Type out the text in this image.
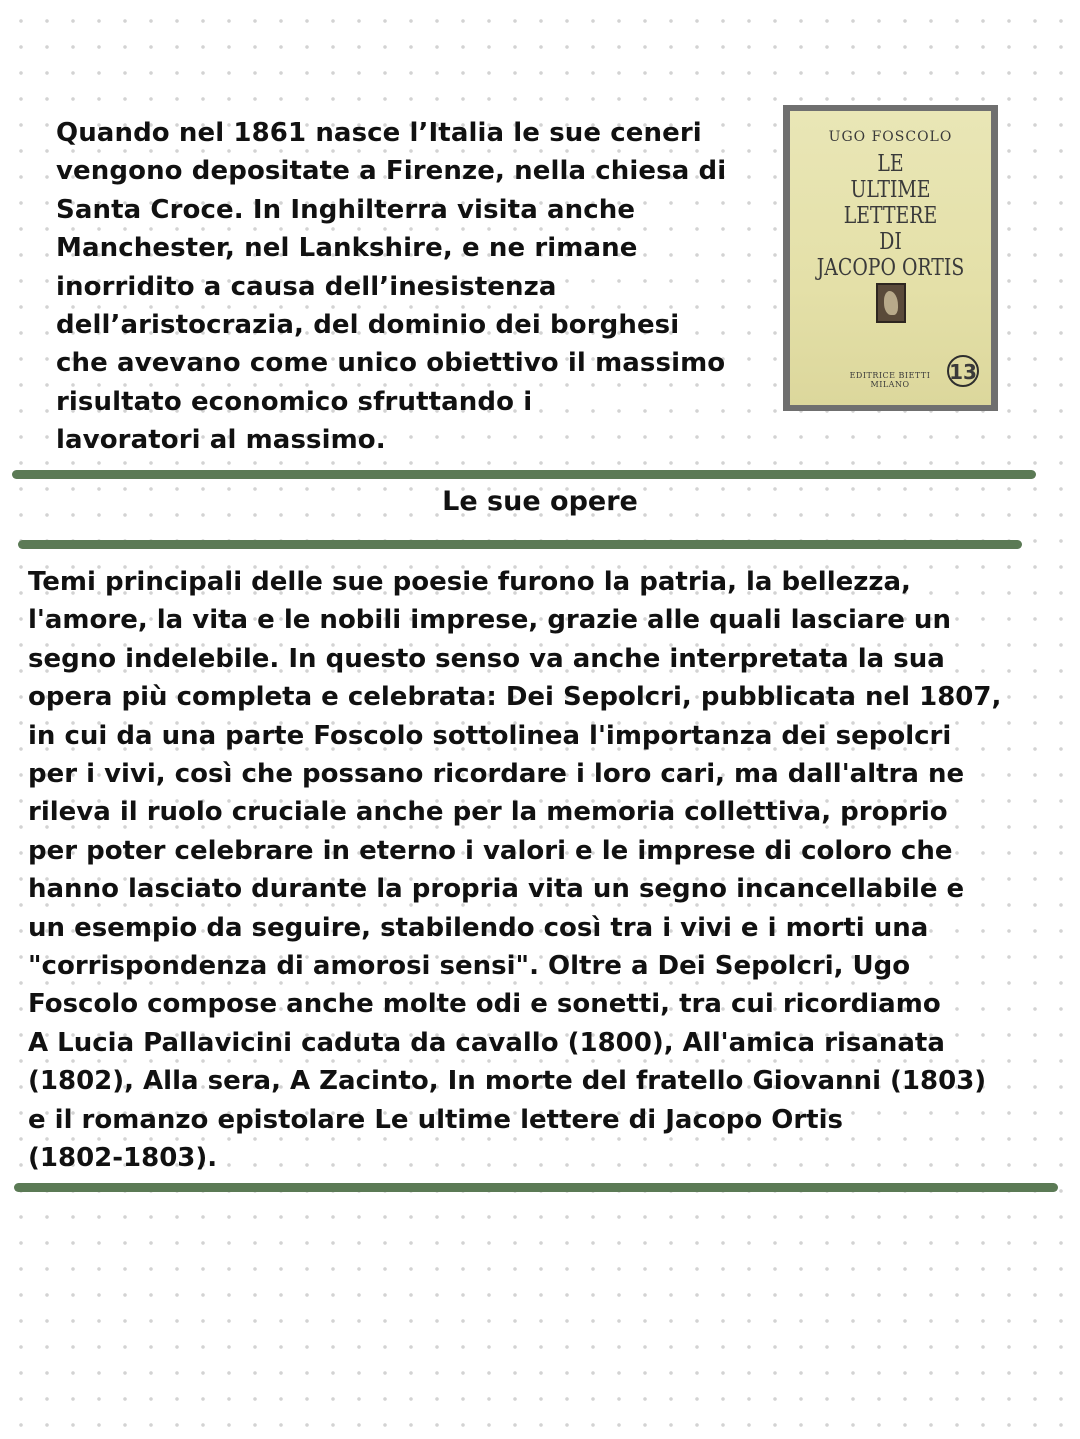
Quando nel 1861 nasce l’Italia le sue ceneri
vengono depositate a Firenze, nella chiesa di
Santa Croce. In Inghilterra visita anche
Manchester, nel Lankshire, e ne rimane
inorridito a causa dell’inesistenza
dell’aristocrazia, del dominio dei borghesi
che avevano come unico obiettivo il massimo
risultato economico sfruttando i
lavoratori al massimo.
UGO FOSCOLO
LE
ULTIME LETTERE
DI
JACOPO ORTIS
EDITRICE BIETTI
MILANO
13
Le sue opere
Temi principali delle sue poesie furono la patria, la bellezza,
l'amore, la vita e le nobili imprese, grazie alle quali lasciare un
segno indelebile. In questo senso va anche interpretata la sua
opera più completa e celebrata: Dei Sepolcri, pubblicata nel 1807,
in cui da una parte Foscolo sottolinea l'importanza dei sepolcri
per i vivi, così che possano ricordare i loro cari, ma dall'altra ne
rileva il ruolo cruciale anche per la memoria collettiva, proprio
per poter celebrare in eterno i valori e le imprese di coloro che
hanno lasciato durante la propria vita un segno incancellabile e
un esempio da seguire, stabilendo così tra i vivi e i morti una
"corrispondenza di amorosi sensi". Oltre a Dei Sepolcri, Ugo
Foscolo compose anche molte odi e sonetti, tra cui ricordiamo
A Lucia Pallavicini caduta da cavallo (1800), All'amica risanata
(1802), Alla sera, A Zacinto, In morte del fratello Giovanni (1803)
e il romanzo epistolare Le ultime lettere di Jacopo Ortis
(1802-1803).
